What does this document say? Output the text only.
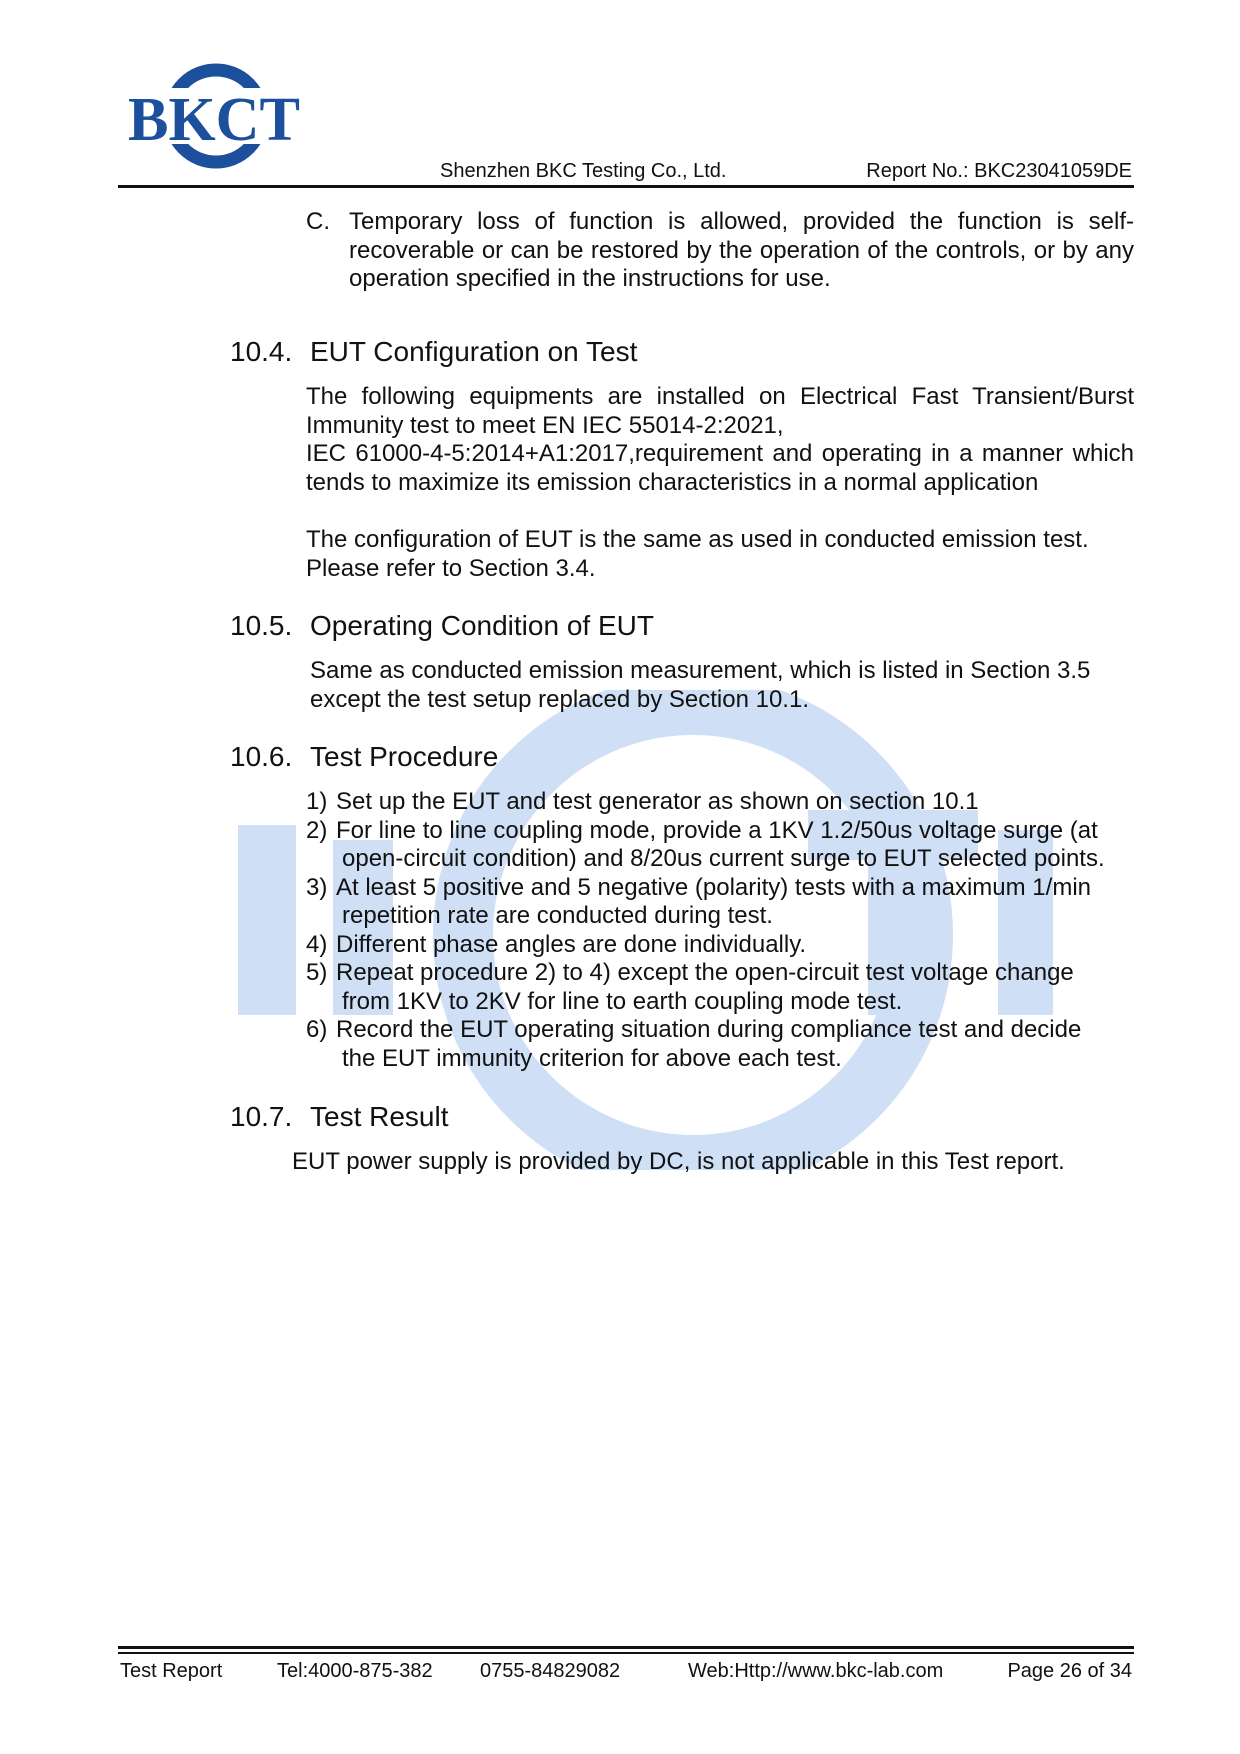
BKCT
Shenzhen BKC Testing Co., Ltd.	Report No.: BKC23041059DE
C. Temporary loss of function is allowed, provided the function is self-recoverable or can be restored by the operation of the controls, or by any operation specified in the instructions for use.
10.4. EUT Configuration on Test
The following equipments are installed on Electrical Fast Transient/Burst Immunity test to meet EN IEC 55014-2:2021,
IEC 61000-4-5:2014+A1:2017,requirement and operating in a manner which tends to maximize its emission characteristics in a normal application
The configuration of EUT is the same as used in conducted emission test.
Please refer to Section 3.4.
10.5. Operating Condition of EUT
Same as conducted emission measurement, which is listed in Section 3.5 except the test setup replaced by Section 10.1.
10.6. Test Procedure
1) Set up the EUT and test generator as shown on section 10.1
2) For line to line coupling mode, provide a 1KV 1.2/50us voltage surge (at
open-circuit condition) and 8/20us current surge to EUT selected points.
3) At least 5 positive and 5 negative (polarity) tests with a maximum 1/min
repetition rate are conducted during test.
4) Different phase angles are done individually.
5) Repeat procedure 2) to 4) except the open-circuit test voltage change
from 1KV to 2KV for line to earth coupling mode test.
6) Record the EUT operating situation during compliance test and decide
the EUT immunity criterion for above each test.
10.7. Test Result
EUT power supply is provided by DC, is not applicable in this Test report.
Test Report	Tel:4000-875-382 0755-84829082	Web:Http://www.bkc-lab.com	Page 26 of 34
